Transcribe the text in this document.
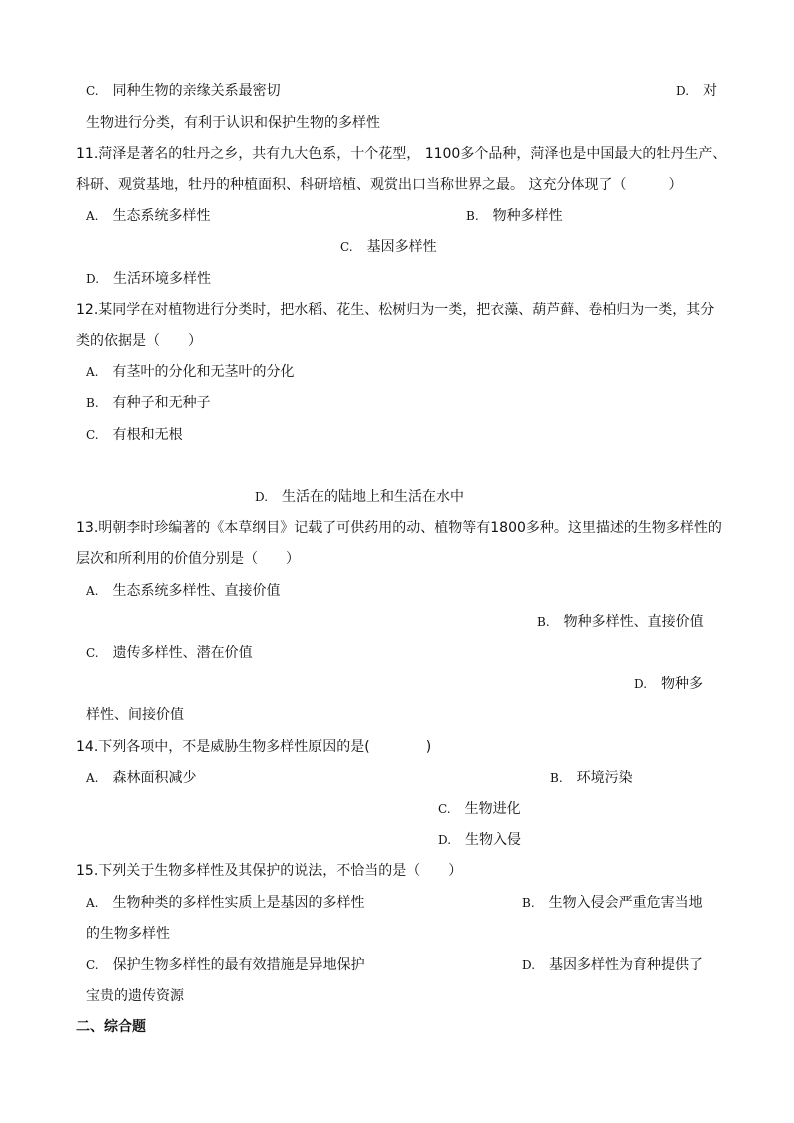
C. 同种生物的亲缘关系最密切	D. 对
生物进行分类，有利于认识和保护生物的多样性
11.菏泽是著名的牡丹之乡，共有九大色系，十个花型， 1100多个品种，菏泽也是中国最大的牡丹生产、
科研、观赏基地，牡丹的种植面积、科研培植、观赏出口当称世界之最。 这充分体现了（　　　）
A. 生态系统多样性	B. 物种多样性
C. 基因多样性
D. 生活环境多样性
12.某同学在对植物进行分类时，把水稻、花生、松树归为一类，把衣藻、葫芦藓、卷柏归为一类，其分
类的依据是（　　）
A. 有茎叶的分化和无茎叶的分化
B. 有种子和无种子
C. 有根和无根
D. 生活在的陆地上和生活在水中
13.明朝李时珍编著的《本草纲目》记载了可供药用的动、植物等有1800多种。这里描述的生物多样性的
层次和所利用的价值分别是（　　）
A. 生态系统多样性、直接价值
B. 物种多样性、直接价值
C. 遗传多样性、潜在价值
D. 物种多
样性、间接价值
14.下列各项中，不是威胁生物多样性原因的是(　　　　)
A. 森林面积减少	B. 环境污染
C. 生物进化
D. 生物入侵
15.下列关于生物多样性及其保护的说法，不恰当的是（　　）
A. 生物种类的多样性实质上是基因的多样性	B. 生物入侵会严重危害当地
的生物多样性
C. 保护生物多样性的最有效措施是异地保护	D. 基因多样性为育种提供了
宝贵的遗传资源
二、综合题
